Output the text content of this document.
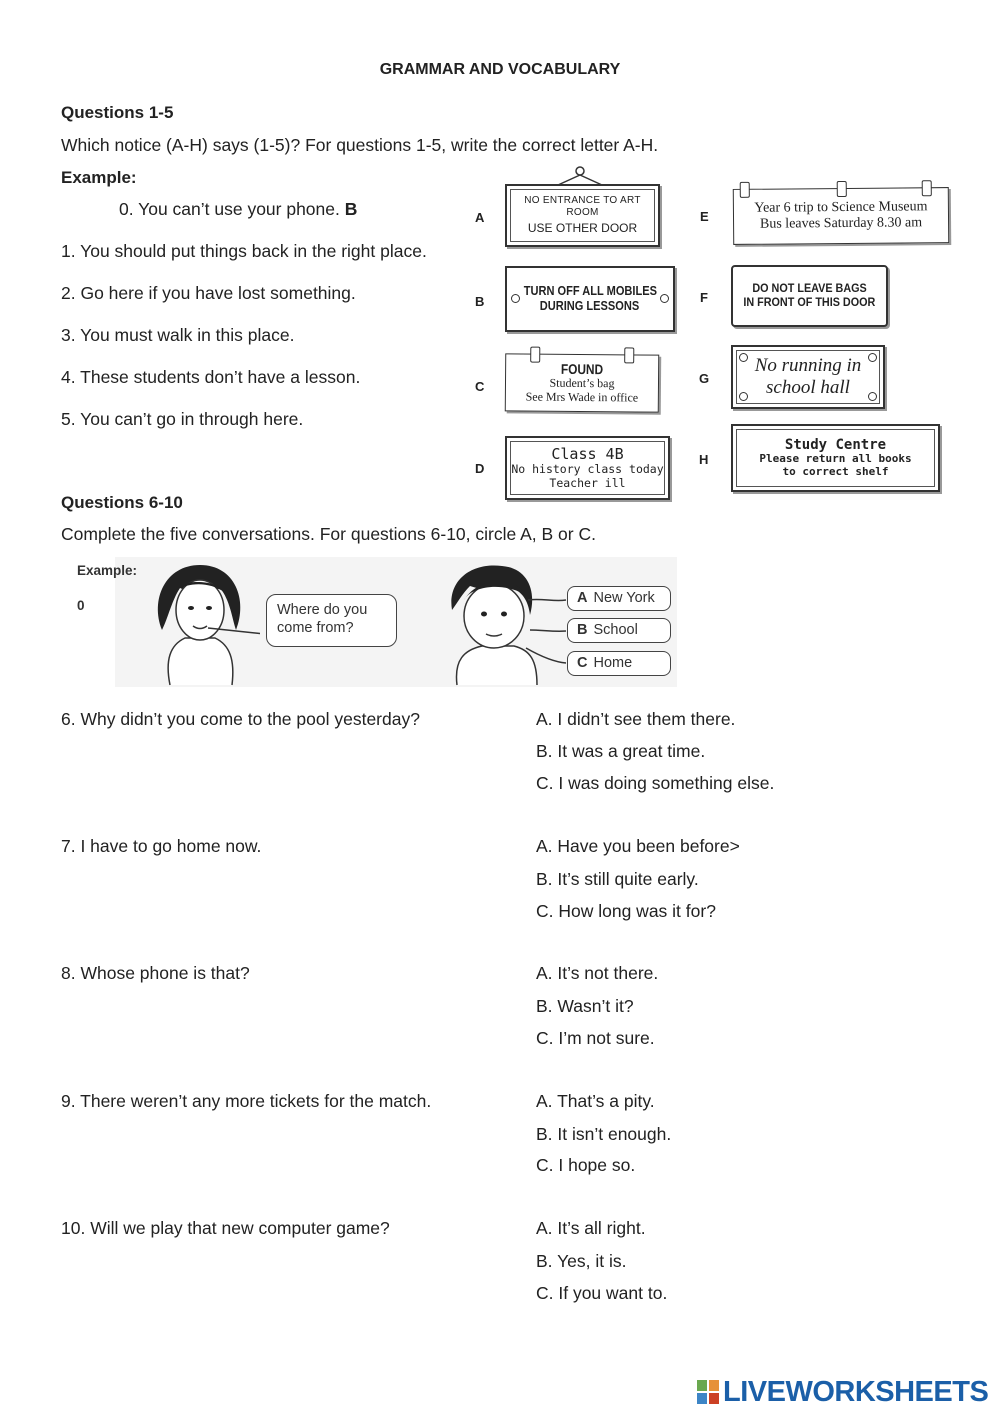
GRAMMAR AND VOCABULARY
Questions 1-5
Which notice (A-H) says (1-5)? For questions 1-5, write the correct letter A-H.
Example:
0. You can’t use your phone. B
1. You should put things back in the right place.
2. Go here if you have lost something.
3. You must walk in this place.
4. These students don’t have a lesson.
5. You can’t go in through here.
A
NO ENTRANCE TO ART ROOM
USE OTHER DOOR
B
TURN OFF ALL MOBILES
DURING LESSONS
C
FOUND
Student’s bag
See Mrs Wade in office
D
Class 4B
No history class today
Teacher ill
E
Year 6 trip to Science Museum
Bus leaves Saturday 8.30 am
F
DO NOT LEAVE BAGS
IN FRONT OF THIS DOOR
G
No running in
school hall
H
Study Centre
Please return all books
to correct shelf
Questions 6-10
Complete the five conversations. For questions 6-10, circle A, B or C.
Example:
0	Where do you
come from?
A New York
B School
C Home
6. Why didn’t you come to the pool yesterday?	A. I didn’t see them there.
B. It was a great time.
C. I was doing something else.
7. I have to go home now.	A. Have you been before>
B. It’s still quite early.
C. How long was it for?
8. Whose phone is that?	A. It’s not there.
B. Wasn’t it?
C. I’m not sure.
9. There weren’t any more tickets for the match.	A. That’s a pity.
B. It isn’t enough.
C. I hope so.
10. Will we play that new computer game?	A. It’s all right.
B. Yes, it is.
C. If you want to.
LIVEWORKSHEETS
